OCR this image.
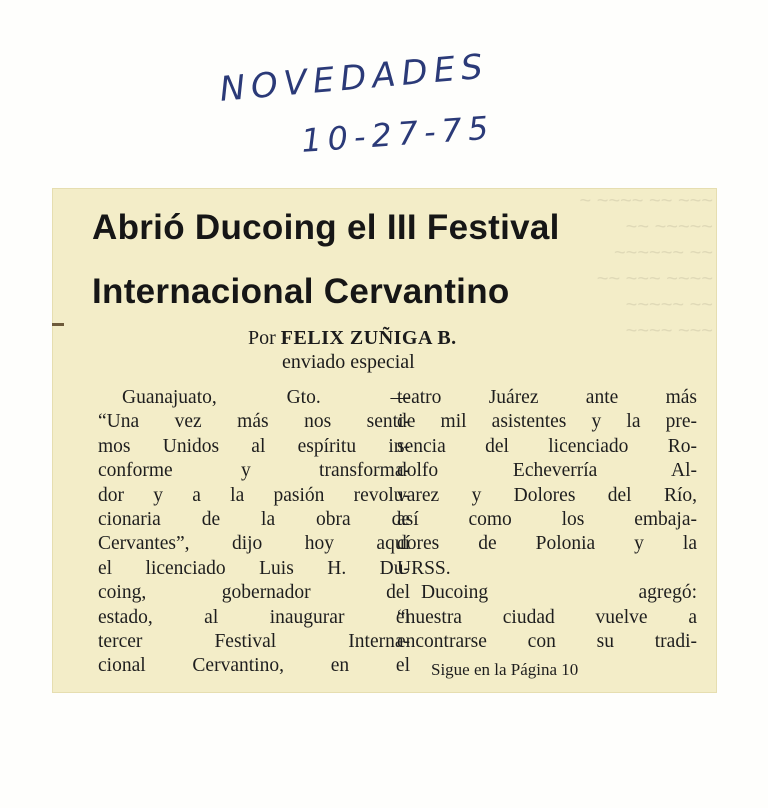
NOVEDADES
10-27-75
~ ~~~~ ~~ ~~~
~~ ~~~~~
~~~~~~ ~~
~~ ~~~ ~~~~
~~~~~ ~~
~~~~ ~~~
Abrió Ducoing el III Festival
Internacional Cervantino
Por FELIX ZUÑIGA B.
enviado especial
Guanajuato, Gto. —
“Una vez más nos senti-
mos Unidos al espíritu in-
conforme y transforma-
dor y a la pasión revolu-
cionaria de la obra de
Cervantes”, dijo hoy aquí
el licenciado Luis H. Du-
coing, gobernador del
estado, al inaugurar el
tercer Festival Interna-
cional Cervantino, en el
teatro Juárez ante más
de mil asistentes y la pre-
sencia del licenciado Ro-
dolfo Echeverría Al-
varez y Dolores del Río,
así como los embaja-
dores de Polonia y la
URSS.
Ducoing agregó:
“nuestra ciudad vuelve a
encontrarse con su tradi-
Sigue en la Página 10
